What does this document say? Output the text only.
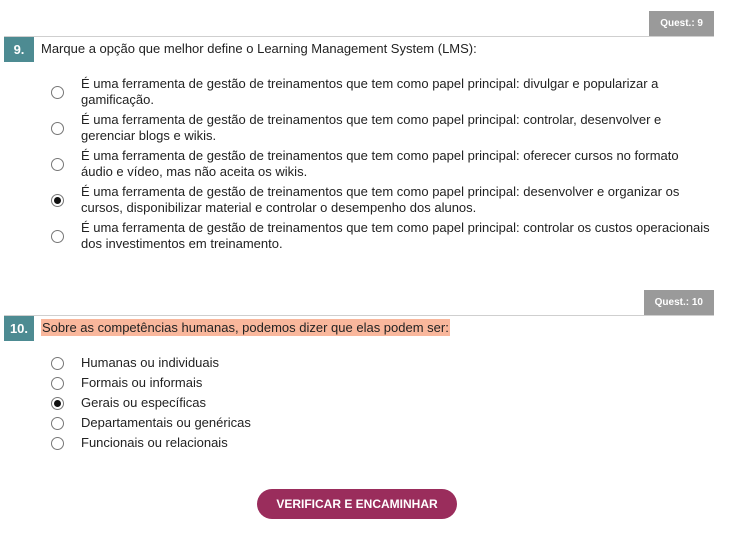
Quest.: 9
9.	Marque a opção que melhor define o Learning Management System (LMS):
É uma ferramenta de gestão de treinamentos que tem como papel principal: divulgar e popularizar a gamificação.
É uma ferramenta de gestão de treinamentos que tem como papel principal: controlar, desenvolver e gerenciar blogs e wikis.
É uma ferramenta de gestão de treinamentos que tem como papel principal: oferecer cursos no formato áudio e vídeo, mas não aceita os wikis.
É uma ferramenta de gestão de treinamentos que tem como papel principal: desenvolver e organizar os cursos, disponibilizar material e controlar o desempenho dos alunos.
É uma ferramenta de gestão de treinamentos que tem como papel principal: controlar os custos operacionais dos investimentos em treinamento.
Quest.: 10
10.	Sobre as competências humanas, podemos dizer que elas podem ser:
Humanas ou individuais
Formais ou informais
Gerais ou específicas
Departamentais ou genéricas
Funcionais ou relacionais
VERIFICAR E ENCAMINHAR
